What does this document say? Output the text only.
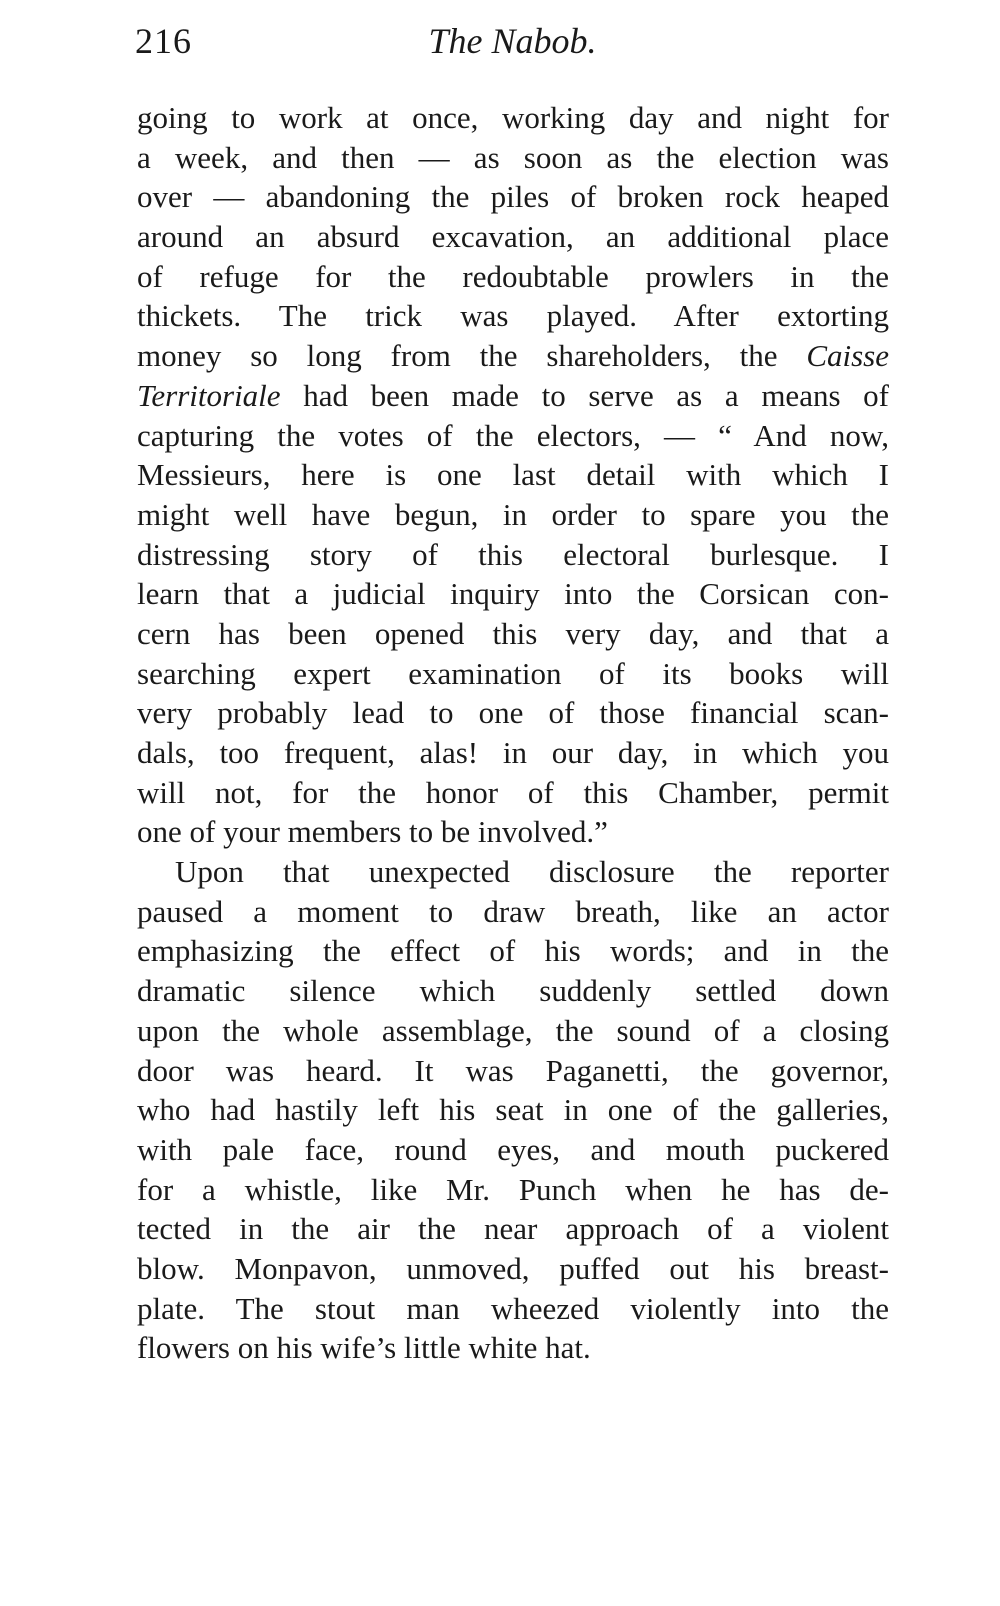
216	The Nabob.
going to work at once, working day and night for
a week, and then — as soon as the election was
over — abandoning the piles of broken rock heaped
around an absurd excavation, an additional place
of refuge for the redoubtable prowlers in the
thickets. The trick was played. After extorting
money so long from the shareholders, the Caisse
Territoriale had been made to serve as a means of
capturing the votes of the electors, — “ And now,
Messieurs, here is one last detail with which I
might well have begun, in order to spare you the
distressing story of this electoral burlesque. I
learn that a judicial inquiry into the Corsican con-
cern has been opened this very day, and that a
searching expert examination of its books will
very probably lead to one of those financial scan-
dals, too frequent, alas! in our day, in which you
will not, for the honor of this Chamber, permit
one of your members to be involved.”
Upon that unexpected disclosure the reporter
paused a moment to draw breath, like an actor
emphasizing the effect of his words; and in the
dramatic silence which suddenly settled down
upon the whole assemblage, the sound of a closing
door was heard. It was Paganetti, the governor,
who had hastily left his seat in one of the galleries,
with pale face, round eyes, and mouth puckered
for a whistle, like Mr. Punch when he has de-
tected in the air the near approach of a violent
blow. Monpavon, unmoved, puffed out his breast-
plate. The stout man wheezed violently into the
flowers on his wife’s little white hat.
